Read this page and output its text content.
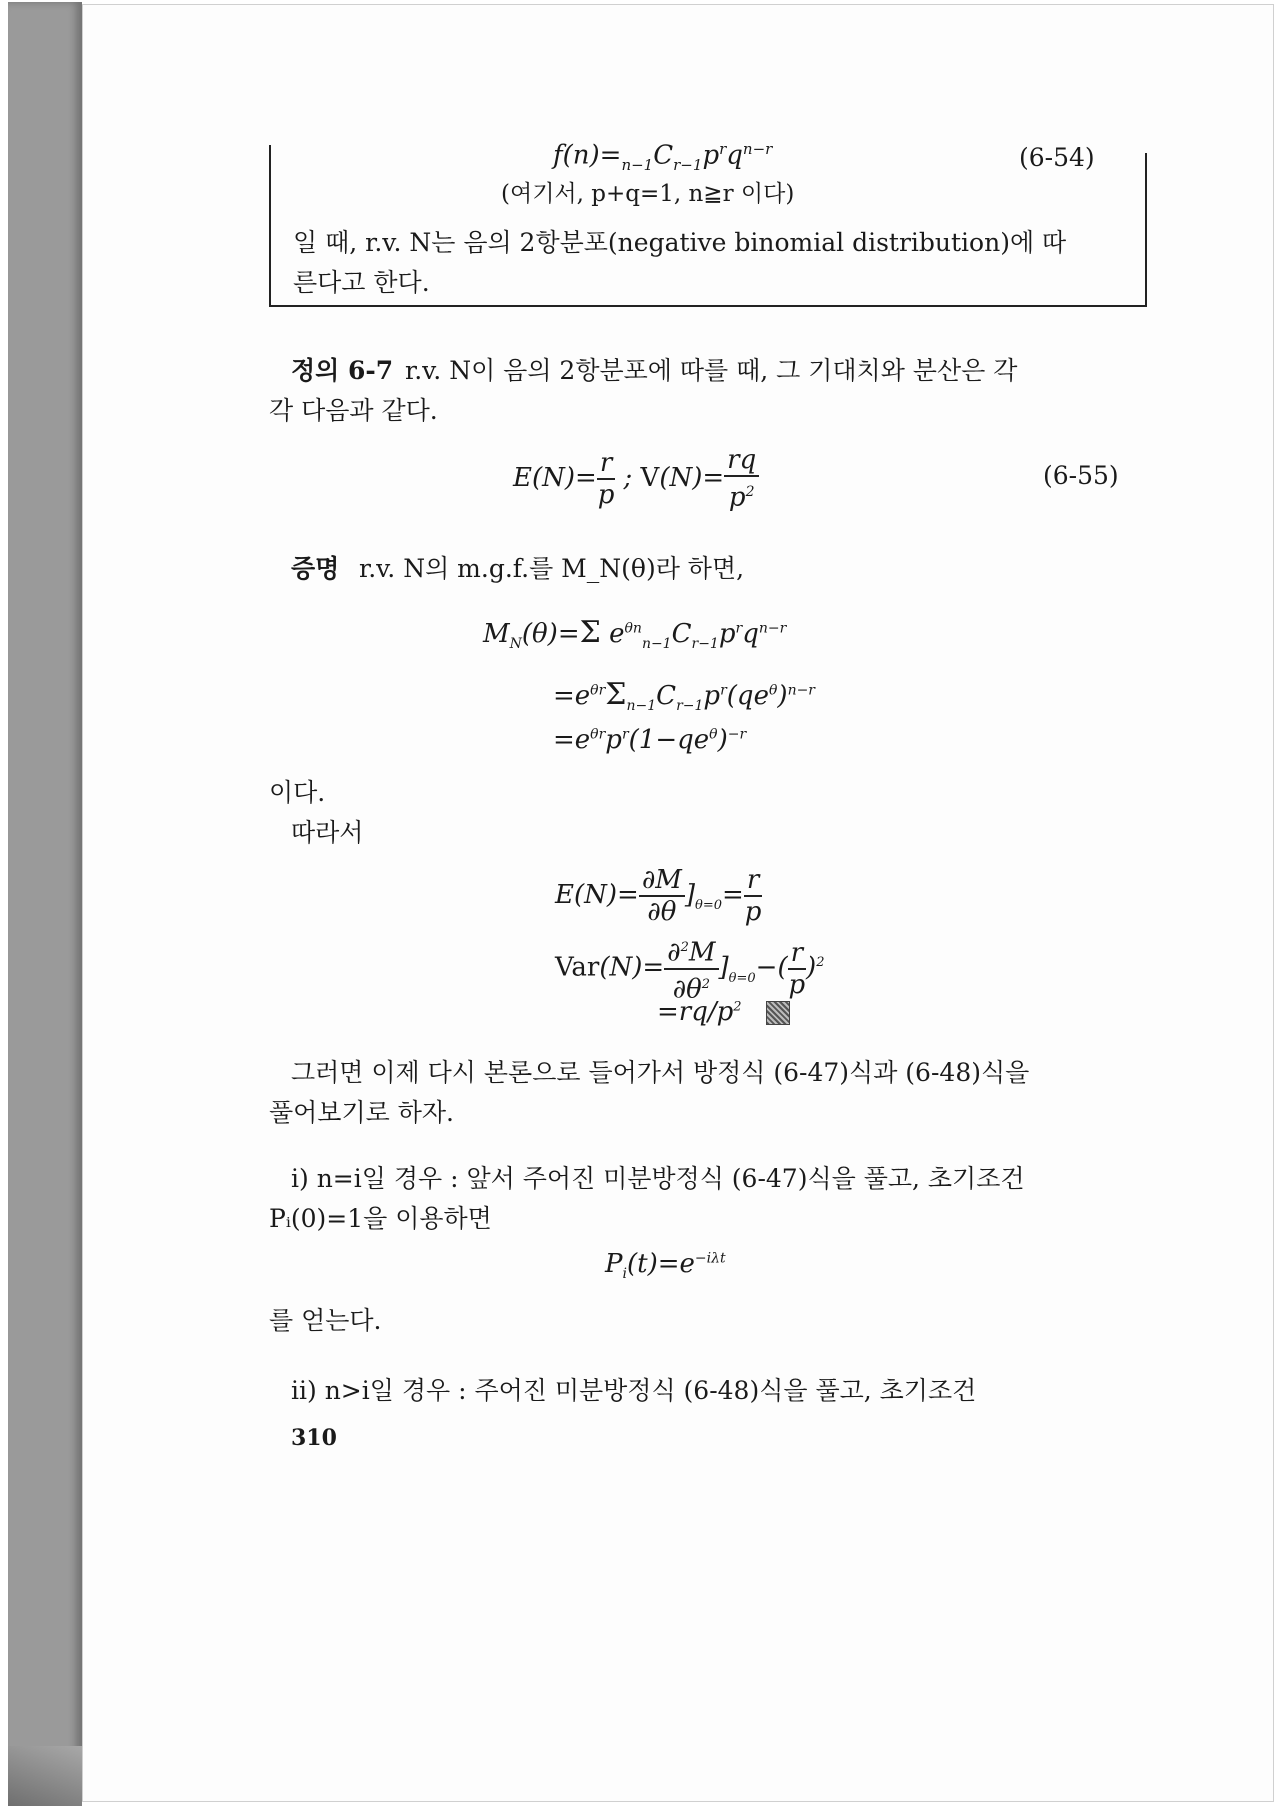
$f(n)=_{n-1}C_{r-1}p^rq^{n-r}$	(6-54)
(여기서, p+q=1, n≧r 이다)
일 때, r.v. N는 음의 2항분포(negative binomial distribution)에 따
른다고 한다.
정의 6-7 r.v. N이 음의 2항분포에 따를 때, 그 기대치와 분산은 각
각 다음과 같다.
$E(N)= \frac{r}{p}$ ; $V(N)= \frac{rq}{p^2}$	(6-55)
증명 r.v. N의 m.g.f.를 M_N(θ)라 하면,
$M_N(\theta)=\Sigma$ $e^{\theta n}_{n-1}C_{r-1}p^rq^{n-r}$
$=e^{\theta r}\Sigma_{n-1}C_{r-1}p^r(qe^\theta)^{n-r}$
$=e^{\theta r}p^r(1-qe^\theta)^{-r}$
이다.
따라서
$E(N)= \frac{\partial M}{\partial\theta} ]_{\theta=0}= \frac{r}{p}$
$Var(N)= \frac{\partial^2M}{\partial\theta^2} ]_{\theta=0}-( \frac{r}{p} )^2$
$=rq/p^2$
그러면 이제 다시 본론으로 들어가서 방정식 (6-47)식과 (6-48)식을
풀어보기로 하자.
i) n=i일 경우 : 앞서 주어진 미분방정식 (6-47)식을 풀고, 초기조건
Pᵢ(0)=1을 이용하면
$P_i(t)=e^{-i\lambda t}$
를 얻는다.
ii) n>i일 경우 : 주어진 미분방정식 (6-48)식을 풀고, 초기조건
310
